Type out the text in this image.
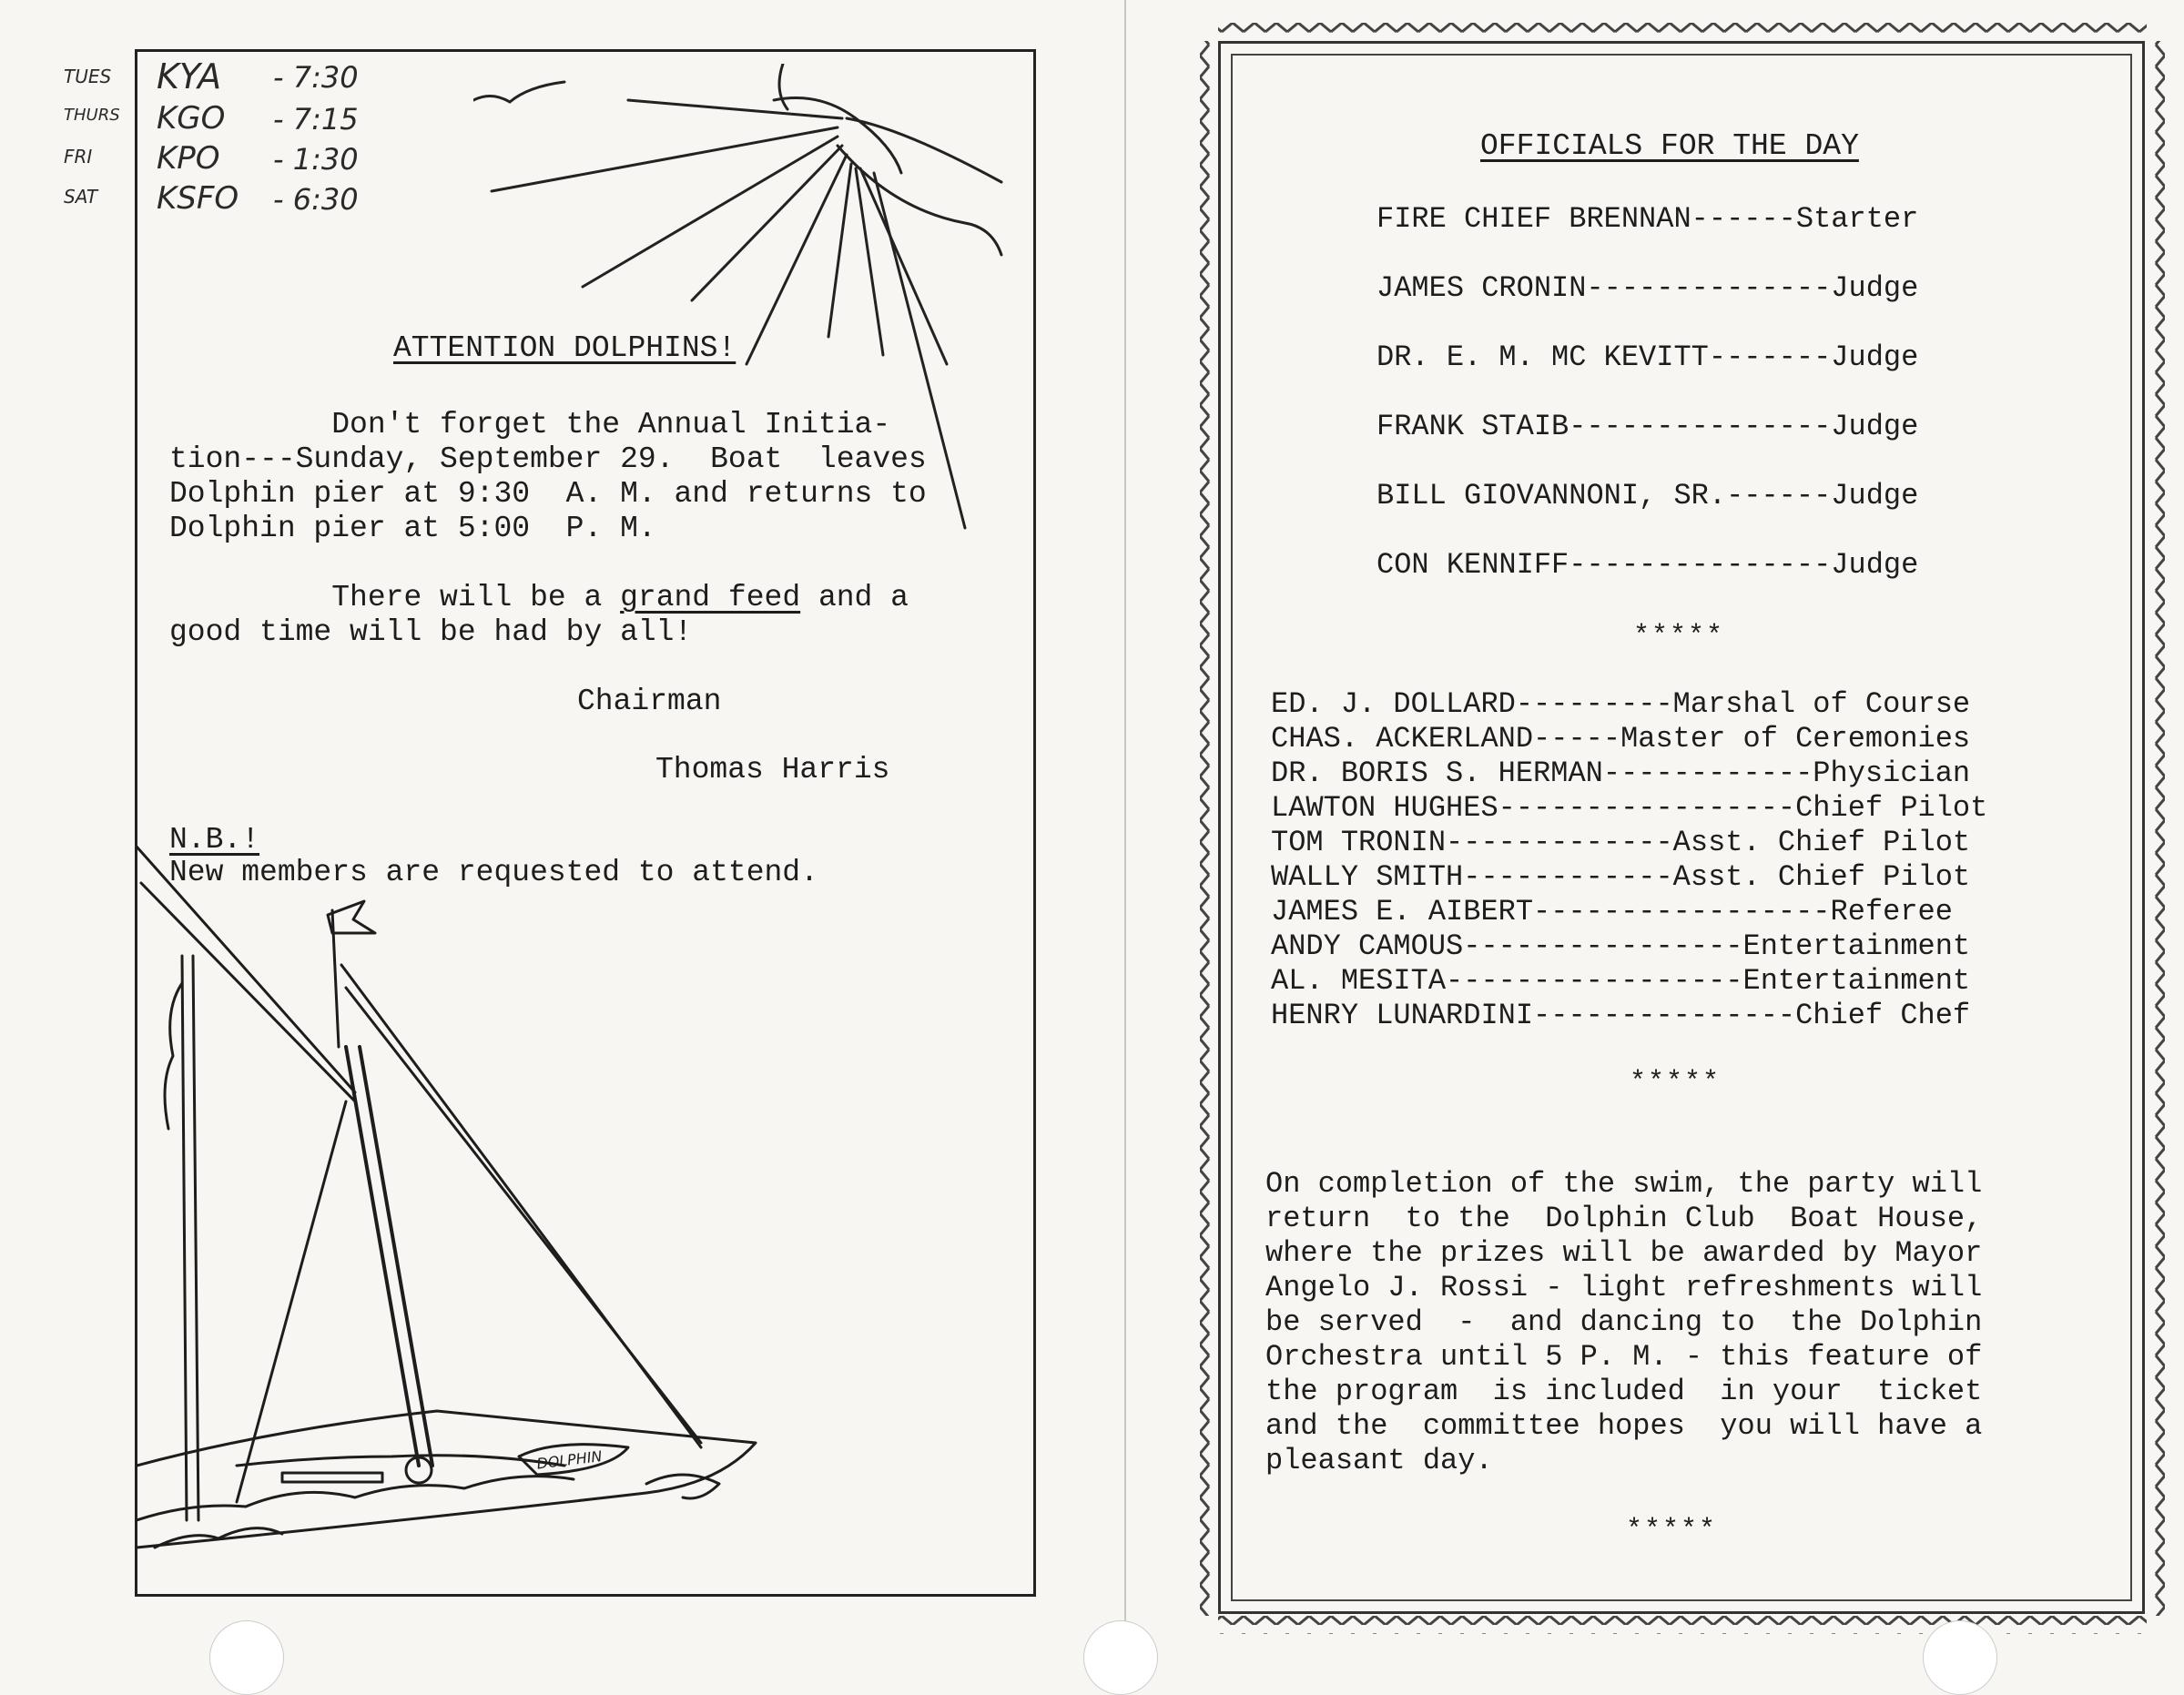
TUES KYA - 7:30
THURS KGO - 7:15
FRI KPO - 1:30
SAT KSFO - 6:30
ATTENTION DOLPHINS!
Don't forget the Annual Initia-
tion---Sunday, September 29.  Boat  leaves
Dolphin pier at 9:30  A. M. and returns to
Dolphin pier at 5:00  P. M.
There will be a grand feed and a
good time will be had by all!
Chairman
Thomas Harris
N.B.!
New members are requested to attend.
DOLPHIN
OFFICIALS FOR THE DAY
FIRE CHIEF BRENNAN------Starter
JAMES CRONIN--------------Judge
DR. E. M. MC KEVITT-------Judge
FRANK STAIB---------------Judge
BILL GIOVANNONI, SR.------Judge
CON KENNIFF---------------Judge
*****
ED. J. DOLLARD---------Marshal of Course
CHAS. ACKERLAND-----Master of Ceremonies
DR. BORIS S. HERMAN------------Physician
LAWTON HUGHES-----------------Chief Pilot
TOM TRONIN-------------Asst. Chief Pilot
WALLY SMITH------------Asst. Chief Pilot
JAMES E. AIBERT-----------------Referee
ANDY CAMOUS----------------Entertainment
AL. MESITA-----------------Entertainment
HENRY LUNARDINI---------------Chief Chef
*****
On completion of the swim, the party will
return  to the  Dolphin Club  Boat House,
where the prizes will be awarded by Mayor
Angelo J. Rossi - light refreshments will
be served  -  and dancing to  the Dolphin
Orchestra until 5 P. M. - this feature of
the program  is included  in your  ticket
and the  committee hopes  you will have a
pleasant day.
*****
